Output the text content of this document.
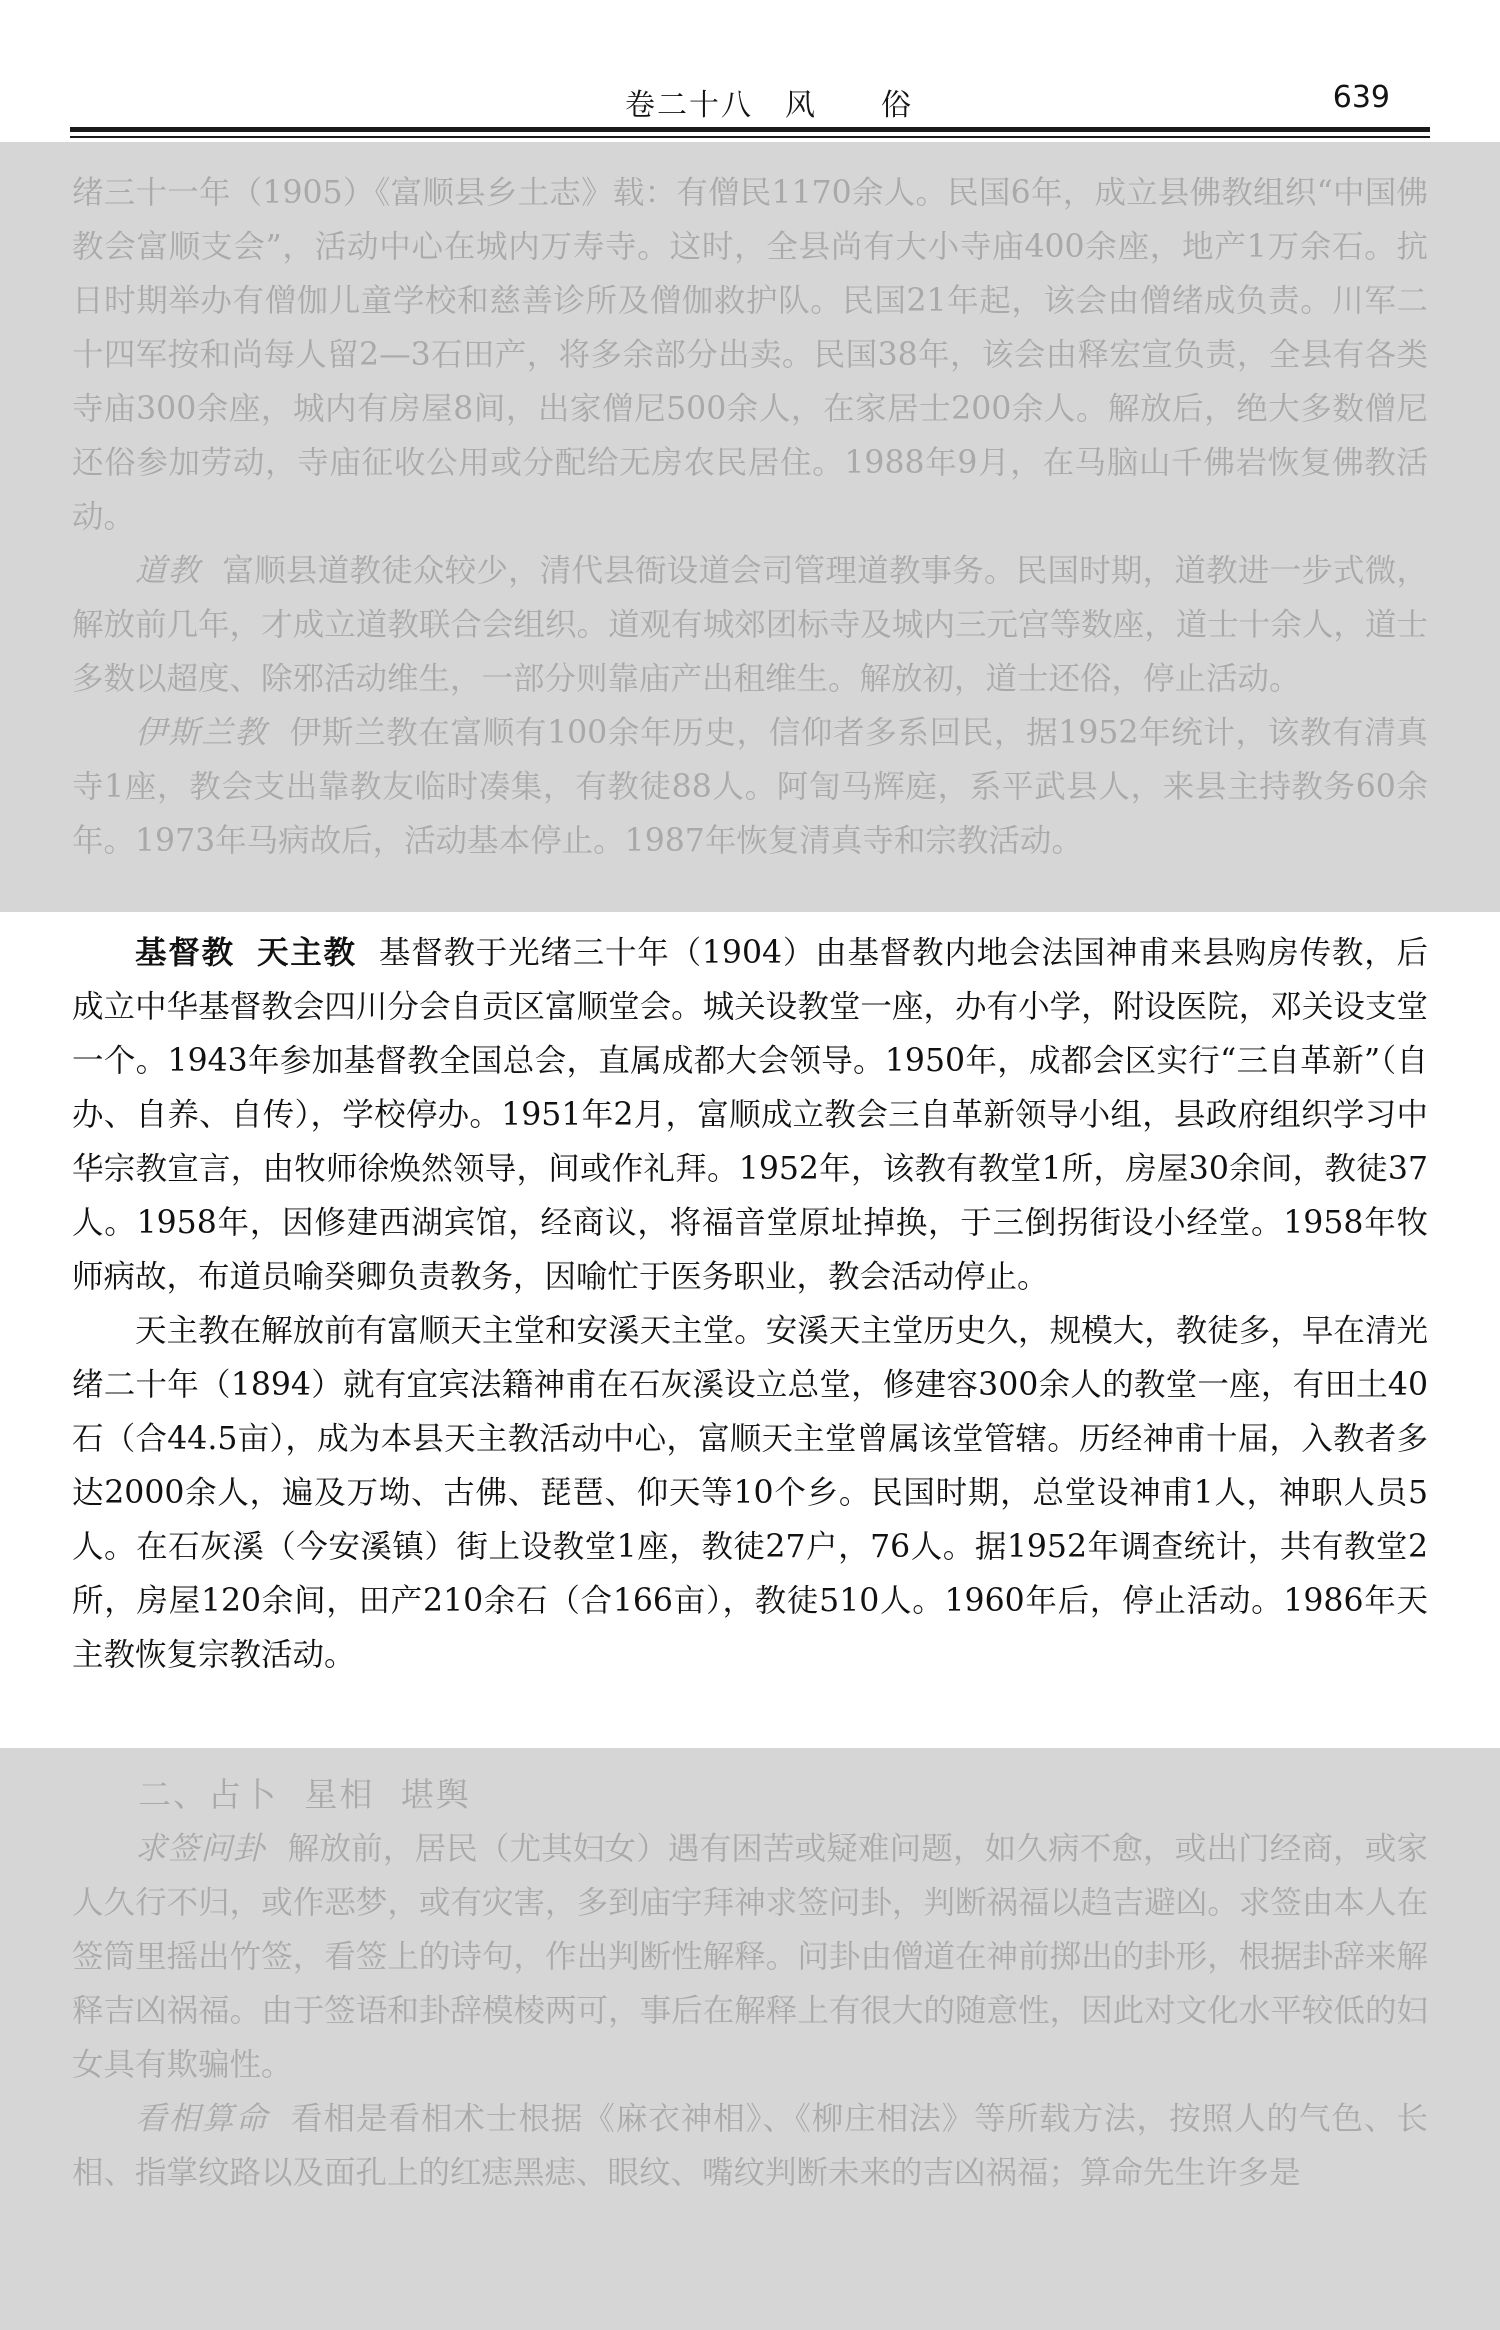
卷二十八　风　　俗	639

绪三十一年（1905）《富顺县乡土志》载：有僧民1170余人。民国6年，成立县佛教组织“中国佛教会富顺支会”，活动中心在城内万寿寺。这时，全县尚有大小寺庙400余座，地产1万余石。抗日时期举办有僧伽儿童学校和慈善诊所及僧伽救护队。民国21年起，该会由僧绪成负责。川军二十四军按和尚每人留2—3石田产，将多余部分出卖。民国38年，该会由释宏宣负责，全县有各类寺庙300余座，城内有房屋8间，出家僧尼500余人，在家居士200余人。解放后，绝大多数僧尼还俗参加劳动，寺庙征收公用或分配给无房农民居住。1988年9月，在马脑山千佛岩恢复佛教活动。

道教 富顺县道教徒众较少，清代县衙设道会司管理道教事务。民国时期，道教进一步式微，解放前几年，才成立道教联合会组织。道观有城郊团标寺及城内三元宫等数座，道士十余人，道士多数以超度、除邪活动维生，一部分则靠庙产出租维生。解放初，道士还俗，停止活动。

伊斯兰教 伊斯兰教在富顺有100余年历史，信仰者多系回民，据1952年统计，该教有清真寺1座，教会支出靠教友临时凑集，有教徒88人。阿訇马辉庭，系平武县人，来县主持教务60余年。1973年马病故后，活动基本停止。1987年恢复清真寺和宗教活动。

基督教 天主教 基督教于光绪三十年（1904）由基督教内地会法国神甫来县购房传教，后成立中华基督教会四川分会自贡区富顺堂会。城关设教堂一座，办有小学，附设医院，邓关设支堂一个。1943年参加基督教全国总会，直属成都大会领导。1950年，成都会区实行“三自革新”（自办、自养、自传），学校停办。1951年2月，富顺成立教会三自革新领导小组，县政府组织学习中华宗教宣言，由牧师徐焕然领导，间或作礼拜。1952年，该教有教堂1所，房屋30余间，教徒37人。1958年，因修建西湖宾馆，经商议，将福音堂原址掉换，于三倒拐街设小经堂。1958年牧师病故，布道员喻癸卿负责教务，因喻忙于医务职业，教会活动停止。

天主教在解放前有富顺天主堂和安溪天主堂。安溪天主堂历史久，规模大，教徒多，早在清光绪二十年（1894）就有宜宾法籍神甫在石灰溪设立总堂，修建容300余人的教堂一座，有田土40石（合44.5亩），成为本县天主教活动中心，富顺天主堂曾属该堂管辖。历经神甫十届，入教者多达2000余人，遍及万坳、古佛、琵琶、仰天等10个乡。民国时期，总堂设神甫1人，神职人员5人。在石灰溪（今安溪镇）街上设教堂1座，教徒27户，76人。据1952年调查统计，共有教堂2所，房屋120余间，田产210余石（合166亩），教徒510人。1960年后，停止活动。1986年天主教恢复宗教活动。

二、占卜 星相 堪舆

求签问卦 解放前，居民（尤其妇女）遇有困苦或疑难问题，如久病不愈，或出门经商，或家人久行不归，或作恶梦，或有灾害，多到庙宇拜神求签问卦，判断祸福以趋吉避凶。求签由本人在签筒里摇出竹签，看签上的诗句，作出判断性解释。问卦由僧道在神前掷出的卦形，根据卦辞来解释吉凶祸福。由于签语和卦辞模棱两可，事后在解释上有很大的随意性，因此对文化水平较低的妇女具有欺骗性。

看相算命 看相是看相术士根据《麻衣神相》、《柳庄相法》等所载方法，按照人的气色、长相、指掌纹路以及面孔上的红痣黑痣、眼纹、嘴纹判断未来的吉凶祸福；算命先生许多是
